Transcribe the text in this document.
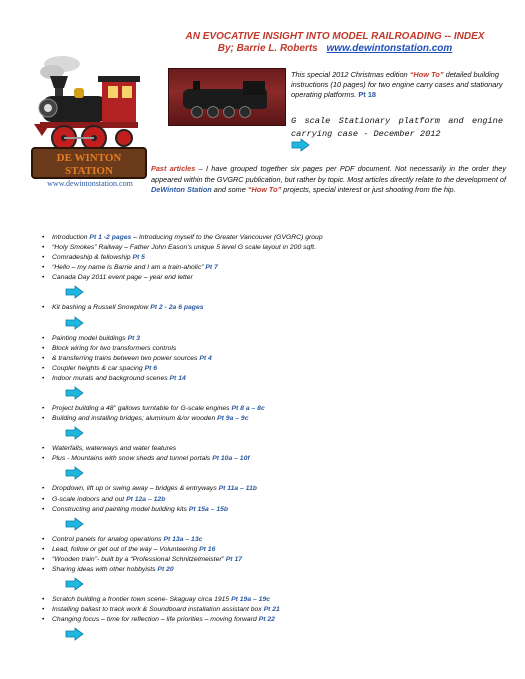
AN EVOCATIVE INSIGHT INTO MODEL RAILROADING -- INDEX
By; Barrie L. Roberts www.dewintonstation.com
DE WINTON
STATION
www.dewintonstation.com
This special 2012 Christmas edition “How To” detailed building instructions (10 pages) for two engine carry cases and stationary operating platforms. Pt 18
G scale Stationary platform and engine carrying case - December 2012
Past articles – I have grouped together six pages per PDF document. Not necessarily in the order they appeared within the GVGRC publication, but rather by topic. Most articles directly relate to the development of DeWinton Station and some “How To” projects, special interest or just shooting from the hip.
• Introduction Pt 1 -2 pages – Introducing myself to the Greater Vancouver (GVGRC) group
• “Holy Smokes” Railway – Father John Eason’s unique 5 level G scale layout in 200 sqft.
• Comradeship & fellowship Pt 5
• “Hello – my name is Barrie and I am a train-aholic” Pt 7
• Canada Day 2011 event page – year end letter
• Kit bashing a Russell Snowplow Pt 2 - 2a 6 pages
• Painting model buildings Pt 3
• Block wiring for two transformers controls
• & transferring trains between two power sources Pt 4
• Coupler heights & car spacing Pt 6
• Indoor murals and background scenes Pt 14
• Project building a 48” gallows turntable for G-scale engines Pt 8 a – 8c
• Building and installing bridges; aluminum &/or wooden Pt 9a – 9c
• Waterfalls, waterways and water features
• Plus - Mountains with snow sheds and tunnel portals Pt 10a – 10f
• Dropdown, lift up or swing away – bridges & entryways Pt 11a – 11b
• G-scale indoors and out Pt 12a – 12b
• Constructing and painting model building kits Pt 15a – 15b
• Control panels for analog operations Pt 13a – 13c
• Lead, follow or get out of the way – Volunteering Pt 16
• “Wooden train”- built by a “Professional Schnitzelmeister” Pt 17
• Sharing ideas with other hobbyists Pt 20
• Scratch building a frontier town scene- Skaguay circa 1915 Pt 19a – 19c
• Installing ballast to track work & Soundboard installation assistant box Pt 21
• Changing focus – time for reflection – life priorities – moving forward Pt 22
